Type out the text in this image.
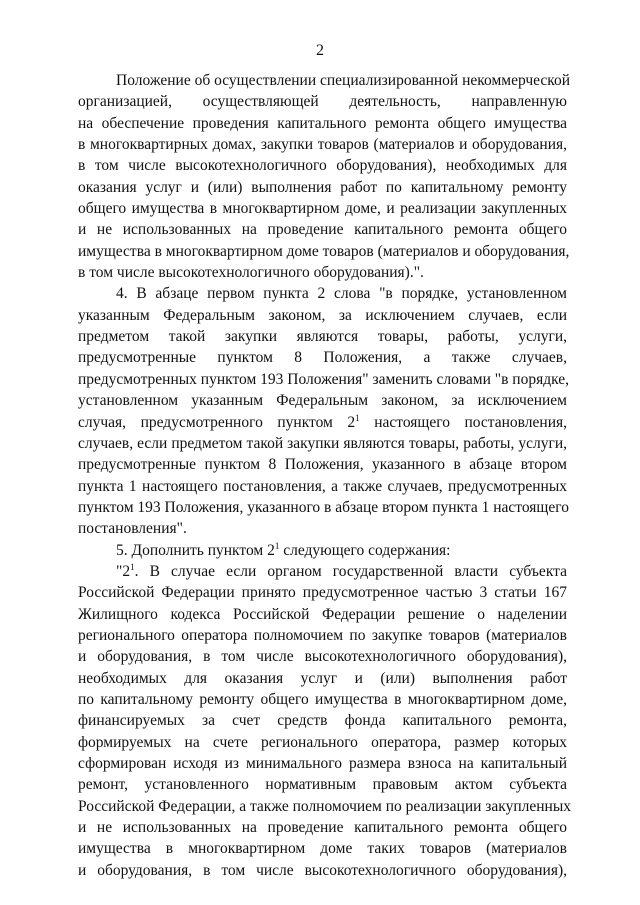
2
Положение об осуществлении специализированной некоммерческой
организацией, осуществляющей деятельность, направленную
на обеспечение проведения капитального ремонта общего имущества
в многоквартирных домах, закупки товаров (материалов и оборудования,
в том числе высокотехнологичного оборудования), необходимых для
оказания услуг и (или) выполнения работ по капитальному ремонту
общего имущества в многоквартирном доме, и реализации закупленных
и не использованных на проведение капитального ремонта общего
имущества в многоквартирном доме товаров (материалов и оборудования,
в том числе высокотехнологичного оборудования).".
4. В абзаце первом пункта 2 слова "в порядке, установленном
указанным Федеральным законом, за исключением случаев, если
предметом такой закупки являются товары, работы, услуги,
предусмотренные пунктом 8 Положения, а также случаев,
предусмотренных пунктом 193 Положения" заменить словами "в порядке,
установленном указанным Федеральным законом, за исключением
случая, предусмотренного пунктом $2^1$ настоящего постановления,
случаев, если предметом такой закупки являются товары, работы, услуги,
предусмотренные пунктом 8 Положения, указанного в абзаце втором
пункта 1 настоящего постановления, а также случаев, предусмотренных
пунктом 193 Положения, указанного в абзаце втором пункта 1 настоящего
постановления".
5. Дополнить пунктом $2^1$ следующего содержания:
"$2^1$. В случае если органом государственной власти субъекта
Российской Федерации принято предусмотренное частью 3 статьи 167
Жилищного кодекса Российской Федерации решение о наделении
регионального оператора полномочием по закупке товаров (материалов
и оборудования, в том числе высокотехнологичного оборудования),
необходимых для оказания услуг и (или) выполнения работ
по капитальному ремонту общего имущества в многоквартирном доме,
финансируемых за счет средств фонда капитального ремонта,
формируемых на счете регионального оператора, размер которых
сформирован исходя из минимального размера взноса на капитальный
ремонт, установленного нормативным правовым актом субъекта
Российской Федерации, а также полномочием по реализации закупленных
и не использованных на проведение капитального ремонта общего
имущества в многоквартирном доме таких товаров (материалов
и оборудования, в том числе высокотехнологичного оборудования),
